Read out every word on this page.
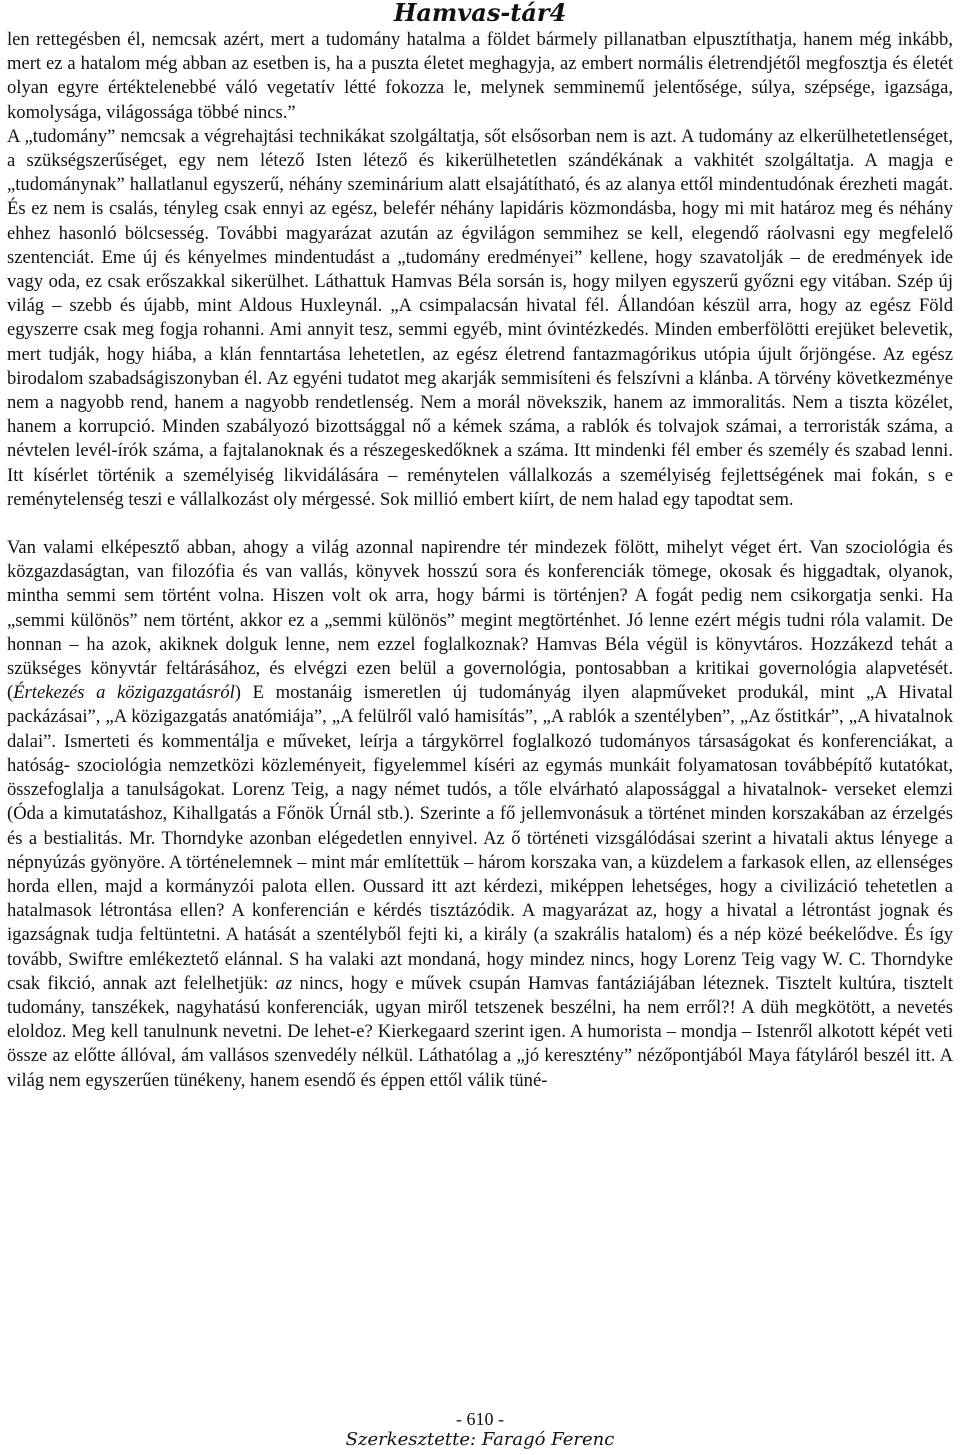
Hamvas-tár4

len rettegésben él, nemcsak azért, mert a tudomány hatalma a földet bármely pillanatban elpusztíthatja, hanem még inkább, mert ez a hatalom még abban az esetben is, ha a puszta életet meghagyja, az embert normális életrendjétől megfosztja és életét olyan egyre értéktelenebbé váló vegetatív létté fokozza le, melynek semminemű jelentősége, súlya, szépsége, igazsága, komolysága, világossága többé nincs.”

A „tudomány” nemcsak a végrehajtási technikákat szolgáltatja, sőt elsősorban nem is azt. A tudomány az elkerülhetetlenséget, a szükségszerűséget, egy nem létező Isten létező és kikerülhetetlen szándékának a vakhitét szolgáltatja. A magja e „tudománynak” hallatlanul egyszerű, néhány szeminárium alatt elsajátítható, és az alanya ettől mindentudónak érezheti magát. És ez nem is csalás, tényleg csak ennyi az egész, belefér néhány lapidáris közmondásba, hogy mi mit határoz meg és néhány ehhez hasonló bölcsesség. További magyarázat azután az égvilágon semmihez se kell, elegendő ráolvasni egy megfelelő szentenciát. Eme új és kényelmes mindentudást a „tudomány eredményei” kellene, hogy szavatolják – de eredmények ide vagy oda, ez csak erőszakkal sikerülhet. Láthattuk Hamvas Béla sorsán is, hogy milyen egyszerű győzni egy vitában. Szép új világ – szebb és újabb, mint Aldous Huxleynál. „A csimpalacsán hivatal fél. Állandóan készül arra, hogy az egész Föld egyszerre csak meg fogja rohanni. Ami annyit tesz, semmi egyéb, mint óvintézkedés. Minden emberfölötti erejüket belevetik, mert tudják, hogy hiába, a klán fenntartása lehetetlen, az egész életrend fantazmagórikus utópia újult őrjöngése. Az egész birodalom szabadságiszonyban él. Az egyéni tudatot meg akarják semmisíteni és felszívni a klánba. A törvény következménye nem a nagyobb rend, hanem a nagyobb rendetlenség. Nem a morál növekszik, hanem az immoralitás. Nem a tiszta közélet, hanem a korrupció. Minden szabályozó bizottsággal nő a kémek száma, a rablók és tolvajok számai, a terroristák száma, a névtelen levél-írók száma, a fajtalanoknak és a részegeskedőknek a száma. Itt mindenki fél ember és személy és szabad lenni. Itt kísérlet történik a személyiség likvidálására – reménytelen vállalkozás a személyiség fejlettségének mai fokán, s e reménytelenség teszi e vállalkozást oly mérgessé. Sok millió embert kiírt, de nem halad egy tapodtat sem.

Van valami elképesztő abban, ahogy a világ azonnal napirendre tér mindezek fölött, mihelyt véget ért. Van szociológia és közgazdaságtan, van filozófia és van vallás, könyvek hosszú sora és konferenciák tömege, okosak és higgadtak, olyanok, mintha semmi sem történt volna. Hiszen volt ok arra, hogy bármi is történjen? A fogát pedig nem csikorgatja senki. Ha „semmi különös” nem történt, akkor ez a „semmi különös” megint megtörténhet. Jó lenne ezért mégis tudni róla valamit. De honnan – ha azok, akiknek dolguk lenne, nem ezzel foglalkoznak? Hamvas Béla végül is könyvtáros. Hozzákezd tehát a szükséges könyvtár feltárásához, és elvégzi ezen belül a governológia, pontosabban a kritikai governológia alapvetését. (Értekezés a közigazgatásról) E mostanáig ismeretlen új tudományág ilyen alapműveket produkál, mint „A Hivatal packázásai”, „A közigazgatás anatómiája”, „A felülről való hamisítás”, „A rablók a szentélyben”, „Az őstitkár”, „A hivatalnok dalai”. Ismerteti és kommentálja e műveket, leírja a tárgykörrel foglalkozó tudományos társaságokat és konferenciákat, a hatóság- szociológia nemzetközi közleményeit, figyelemmel kíséri az egymás munkáit folyamatosan továbbépítő kutatókat, összefoglalja a tanulságokat. Lorenz Teig, a nagy német tudós, a tőle elvárható alapossággal a hivatalnok- verseket elemzi (Óda a kimutatáshoz, Kihallgatás a Főnök Úrnál stb.). Szerinte a fő jellemvonásuk a történet minden korszakában az érzelgés és a bestialitás. Mr. Thorndyke azonban elégedetlen ennyivel. Az ő történeti vizsgálódásai szerint a hivatali aktus lényege a népnyúzás gyönyöre. A történelemnek – mint már említettük – három korszaka van, a küzdelem a farkasok ellen, az ellenséges horda ellen, majd a kormányzói palota ellen. Oussard itt azt kérdezi, miképpen lehetséges, hogy a civilizáció tehetetlen a hatalmasok létrontása ellen? A konferencián e kérdés tisztázódik. A magyarázat az, hogy a hivatal a létrontást jognak és igazságnak tudja feltüntetni. A hatását a szentélyből fejti ki, a király (a szakrális hatalom) és a nép közé beékelődve. És így tovább, Swiftre emlékeztető elánnal. S ha valaki azt mondaná, hogy mindez nincs, hogy Lorenz Teig vagy W. C. Thorndyke csak fikció, annak azt felelhetjük: az nincs, hogy e művek csupán Hamvas fantáziájában léteznek. Tisztelt kultúra, tisztelt tudomány, tanszékek, nagyhatású konferenciák, ugyan miről tetszenek beszélni, ha nem erről?! A düh megkötött, a nevetés eloldoz. Meg kell tanulnunk nevetni. De lehet-e? Kierkegaard szerint igen. A humorista – mondja – Istenről alkotott képét veti össze az előtte állóval, ám vallásos szenvedély nélkül. Láthatólag a „jó keresztény” nézőpontjából Maya fátyláról beszél itt. A világ nem egyszerűen tünékeny, hanem esendő és éppen ettől válik tüné-

- 610 -
Szerkesztette: Faragó Ferenc
